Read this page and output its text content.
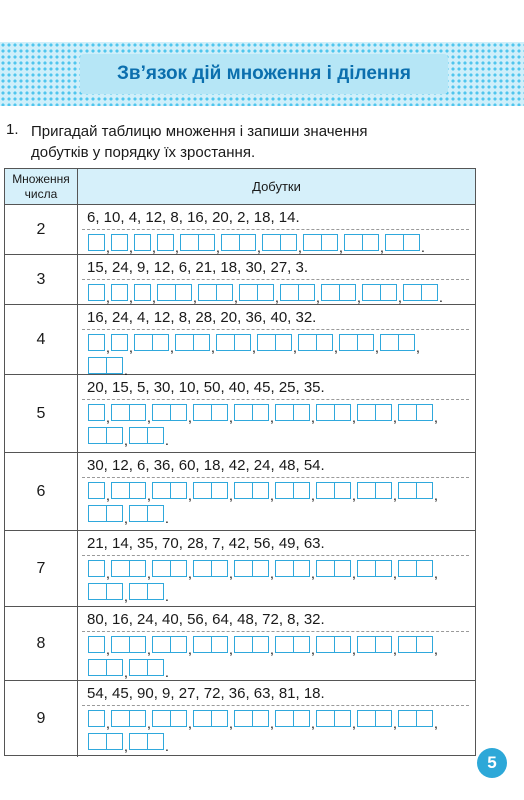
Зв’язок дій множення і ділення
1. Пригадай таблицю множення і запиши значення
добутків у порядку їх зростання.
Множення
числа	Добутки
2
6, 10, 4, 12, 8, 16, 20, 2, 18, 14.
, , , ,	,	,	,	,	,	.
3
15, 24, 9, 12, 6, 21, 18, 30, 27, 3.
, , ,	,	,	,	,	,	,	.
4
16, 24, 4, 12, 8, 28, 20, 36, 40, 32.
, ,	,	,	,	,	,	,	,
.
5
20, 15, 5, 30, 10, 50, 40, 45, 25, 35.
,	,	,	,	,	,	,	,	,
,	.
6
30, 12, 6, 36, 60, 18, 42, 24, 48, 54.
,	,	,	,	,	,	,	,	,
,	.
7
21, 14, 35, 70, 28, 7, 42, 56, 49, 63.
,	,	,	,	,	,	,	,	,
,	.
8
80, 16, 24, 40, 56, 64, 48, 72, 8, 32.
,	,	,	,	,	,	,	,	,
,	.
9
54, 45, 90, 9, 27, 72, 36, 63, 81, 18.
,	,	,	,	,	,	,	,	,
,	.
5
